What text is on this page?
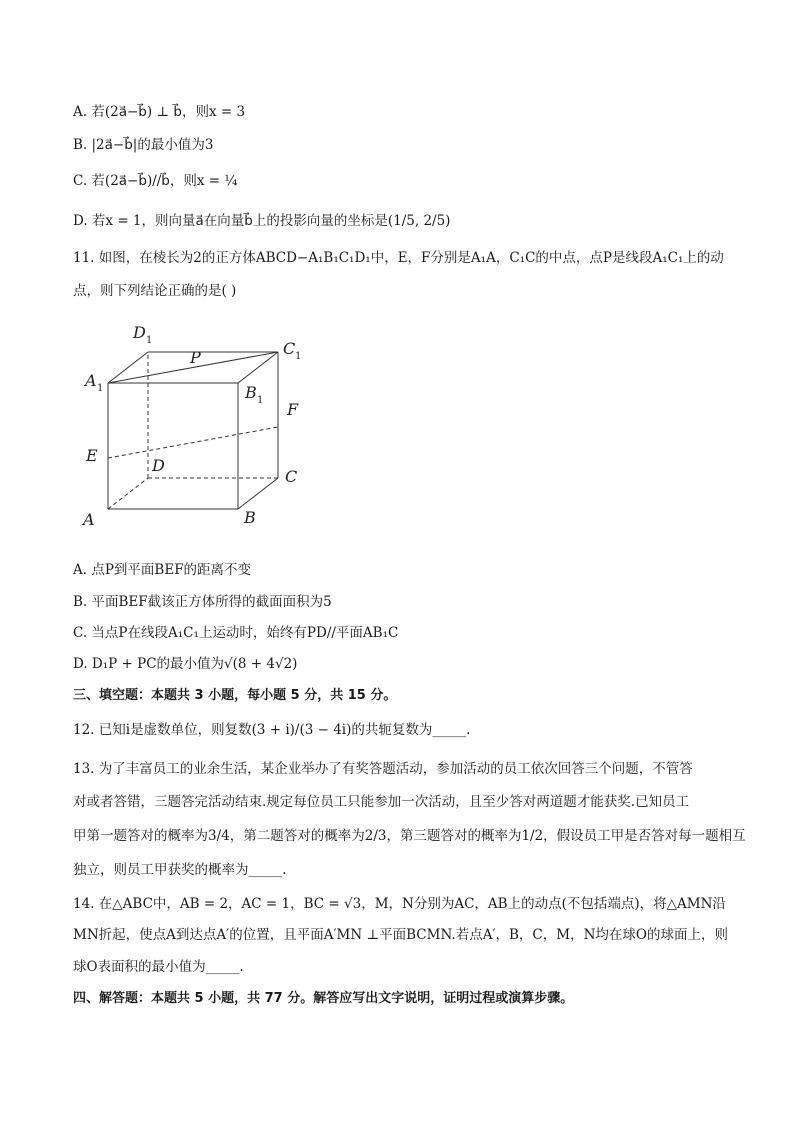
A. 若(2a⃗−b⃗) ⊥ b⃗，则x = 3
B. |2a⃗−b⃗|的最小值为3
C. 若(2a⃗−b⃗)//b⃗，则x = ¼
D. 若x = 1，则向量a⃗在向量b⃗上的投影向量的坐标是(1/5, 2/5)
11. 如图，在棱长为2的正方体ABCD−A₁B₁C₁D₁中，E，F分别是A₁A，C₁C的中点，点P是线段A₁C₁上的动
点，则下列结论正确的是( )
D 1	C 1
A 1	B 1
P
F
E
D
C
A	B
A. 点P到平面BEF的距离不变
B. 平面BEF截该正方体所得的截面面积为5
C. 当点P在线段A₁C₁上运动时，始终有PD//平面AB₁C
D. D₁P + PC的最小值为√(8 + 4√2)
三、填空题：本题共 3 小题，每小题 5 分，共 15 分。
12. 已知i是虚数单位，则复数(3 + i)/(3 − 4i)的共轭复数为_____.
13. 为了丰富员工的业余生活，某企业举办了有奖答题活动，参加活动的员工依次回答三个问题，不管答
对或者答错，三题答完活动结束.规定每位员工只能参加一次活动，且至少答对两道题才能获奖.已知员工
甲第一题答对的概率为3/4，第二题答对的概率为2/3，第三题答对的概率为1/2，假设员工甲是否答对每一题相互
独立，则员工甲获奖的概率为_____.
14. 在△ABC中，AB = 2，AC = 1，BC = √3，M，N分别为AC，AB上的动点(不包括端点)，将△AMN沿
MN折起，使点A到达点A′的位置，且平面A′MN ⊥平面BCMN.若点A′，B，C，M，N均在球O的球面上，则
球O表面积的最小值为_____.
四、解答题：本题共 5 小题，共 77 分。解答应写出文字说明，证明过程或演算步骤。
